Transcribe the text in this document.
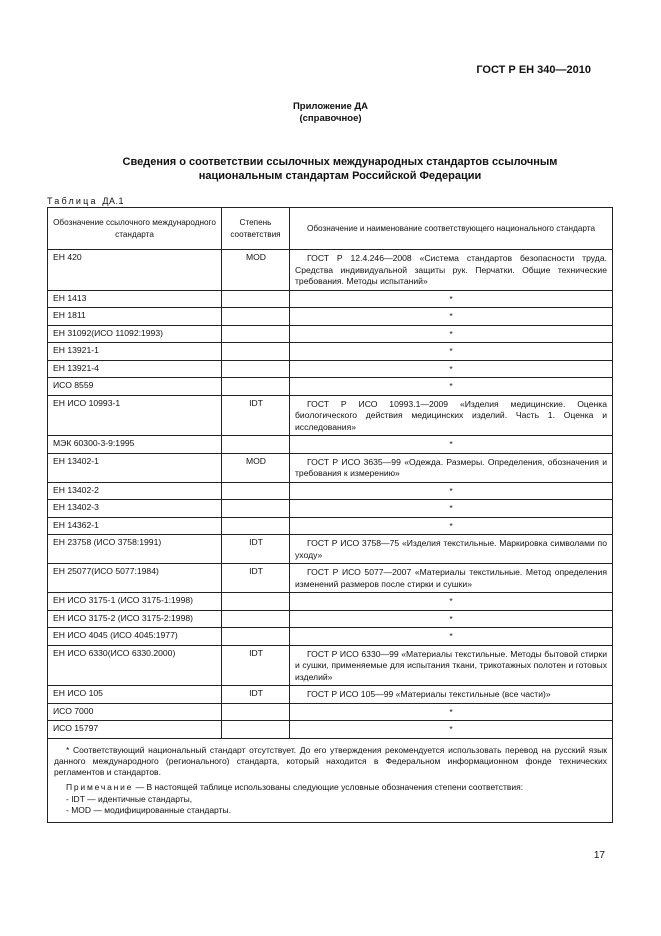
ГОСТ Р ЕН 340—2010
Приложение ДА
(справочное)
Сведения о соответствии ссылочных международных стандартов ссылочным
национальным стандартам Российской Федерации
Таблица ДА.1
Обозначение ссылочного международного стандарта	Степень соответствия	Обозначение и наименование соответствующего национального стандарта
ЕН 420	MOD	ГОСТ Р 12.4.246—2008 «Система стандартов безопасности труда. Средства индивидуальной защиты рук. Перчатки. Общие технические требования. Методы испытаний»

ЕН 1413		*
ЕН 1811		*
ЕН 31092(ИСО 11092:1993)		*
ЕН 13921-1		*
ЕН 13921-4		*
ИСО 8559		*
ЕН ИСО 10993-1	IDT	ГОСТ Р ИСО 10993.1—2009 «Изделия медицинские. Оценка биологического действия медицинских изделий. Часть 1. Оценка и исследования»

МЭК 60300-3-9:1995		*
ЕН 13402-1	MOD	ГОСТ Р ИСО 3635—99 «Одежда. Размеры. Определения, обозначения и требования к измерению»

ЕН 13402-2		*
ЕН 13402-3		*
ЕН 14362-1		*
ЕН 23758 (ИСО 3758:1991)	IDT	ГОСТ Р ИСО 3758—75 «Изделия текстильные. Маркировка символами по уходу»

ЕН 25077(ИСО 5077:1984)	IDT	ГОСТ Р ИСО 5077—2007 «Материалы текстильные. Метод определения изменений размеров после стирки и сушки»

ЕН ИСО 3175-1 (ИСО 3175-1:1998)		*
ЕН ИСО 3175-2 (ИСО 3175-2:1998)		*
ЕН ИСО 4045 (ИСО 4045:1977)		*
ЕН ИСО 6330(ИСО 6330.2000)	IDT	ГОСТ Р ИСО 6330—99 «Материалы текстильные. Методы бытовой стирки и сушки, применяемые для испытания ткани, трикотажных полотен и готовых изделий»

ЕН ИСО 105	IDT	ГОСТ Р ИСО 105—99 «Материалы текстильные (все части)»

ИСО 7000		*
ИСО 15797		*

* Соответствующий национальный стандарт отсутствует. До его утверждения рекомендуется использовать перевод на русский язык данного международного (регионального) стандарта, который находится в Федеральном информационном фонде технических регламентов и стандартов.

Примечание — В настоящей таблице использованы следующие условные обозначения степени соответствия:

- IDT — идентичные стандарты,

- MOD — модифицированные стандарты.		

17
